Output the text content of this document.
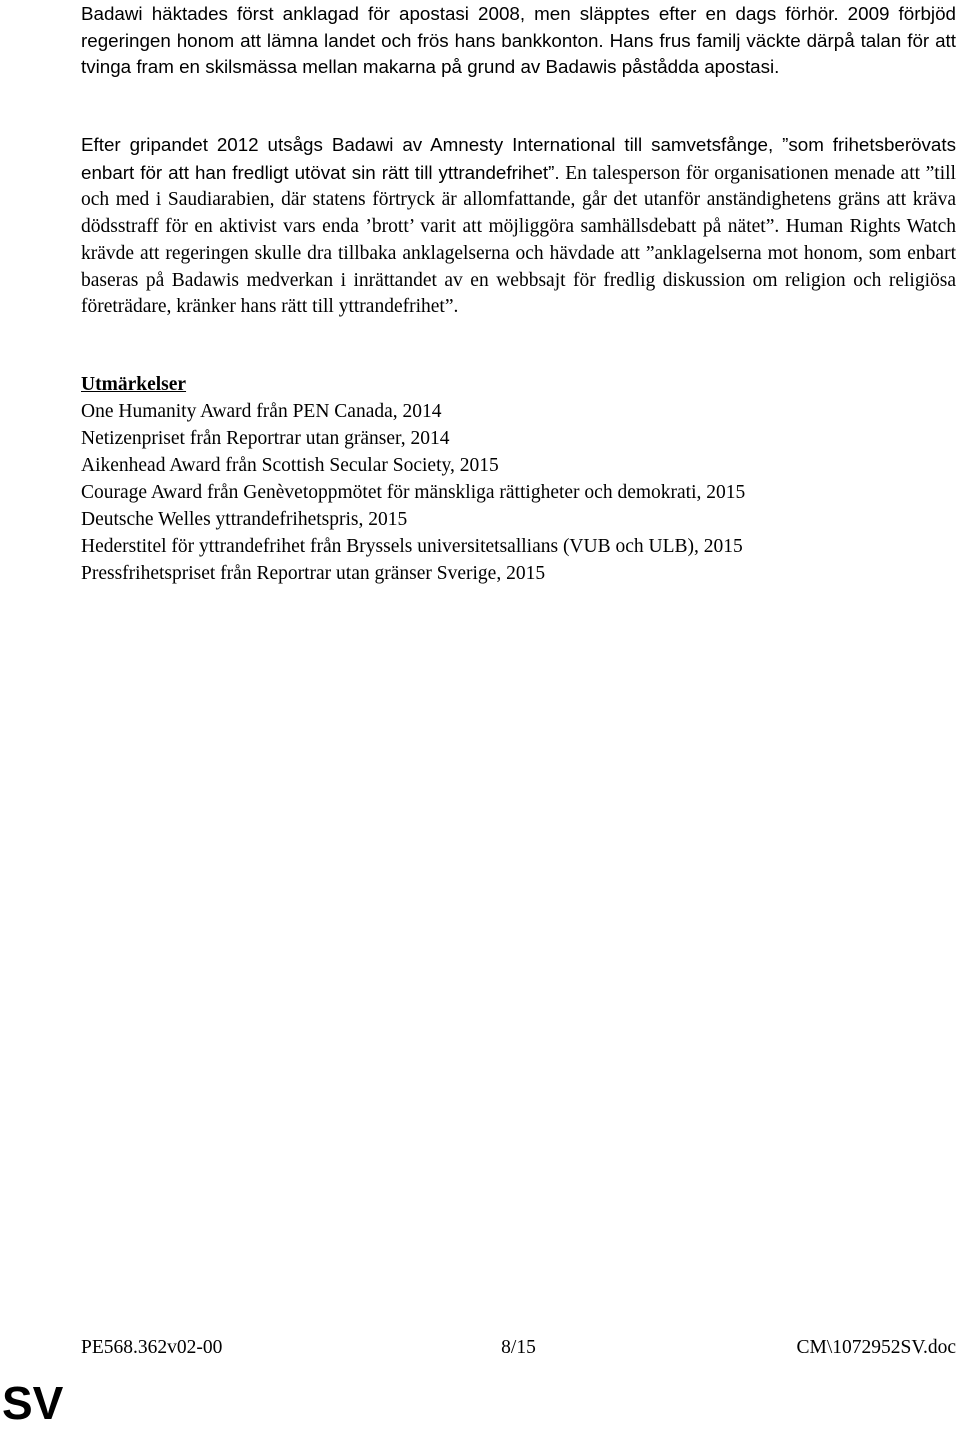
Badawi häktades först anklagad för apostasi 2008, men släpptes efter en dags förhör. 2009 förbjöd regeringen honom att lämna landet och frös hans bankkonton. Hans frus familj väckte därpå talan för att tvinga fram en skilsmässa mellan makarna på grund av Badawis påstådda apostasi.

Efter gripandet 2012 utsågs Badawi av Amnesty International till samvetsfånge, ”som frihetsberövats enbart för att han fredligt utövat sin rätt till yttrandefrihet”. En talesperson för organisationen menade att ”till och med i Saudiarabien, där statens förtryck är allomfattande, går det utanför anständighetens gräns att kräva dödsstraff för en aktivist vars enda ’brott’ varit att möjliggöra samhällsdebatt på nätet”. Human Rights Watch krävde att regeringen skulle dra tillbaka anklagelserna och hävdade att ”anklagelserna mot honom, som enbart baseras på Badawis medverkan i inrättandet av en webbsajt för fredlig diskussion om religion och religiösa företrädare, kränker hans rätt till yttrandefrihet”.

Utmärkelser
One Humanity Award från PEN Canada, 2014
Netizenpriset från Reportrar utan gränser, 2014
Aikenhead Award från Scottish Secular Society, 2015
Courage Award från Genèvetoppmötet för mänskliga rättigheter och demokrati, 2015
Deutsche Welles yttrandefrihetspris, 2015
Hederstitel för yttrandefrihet från Bryssels universitetsallians (VUB och ULB), 2015
Pressfrihetspriset från Reportrar utan gränser Sverige, 2015
8/15
PE568.362v02-00	CM\1072952SV.doc
SV
